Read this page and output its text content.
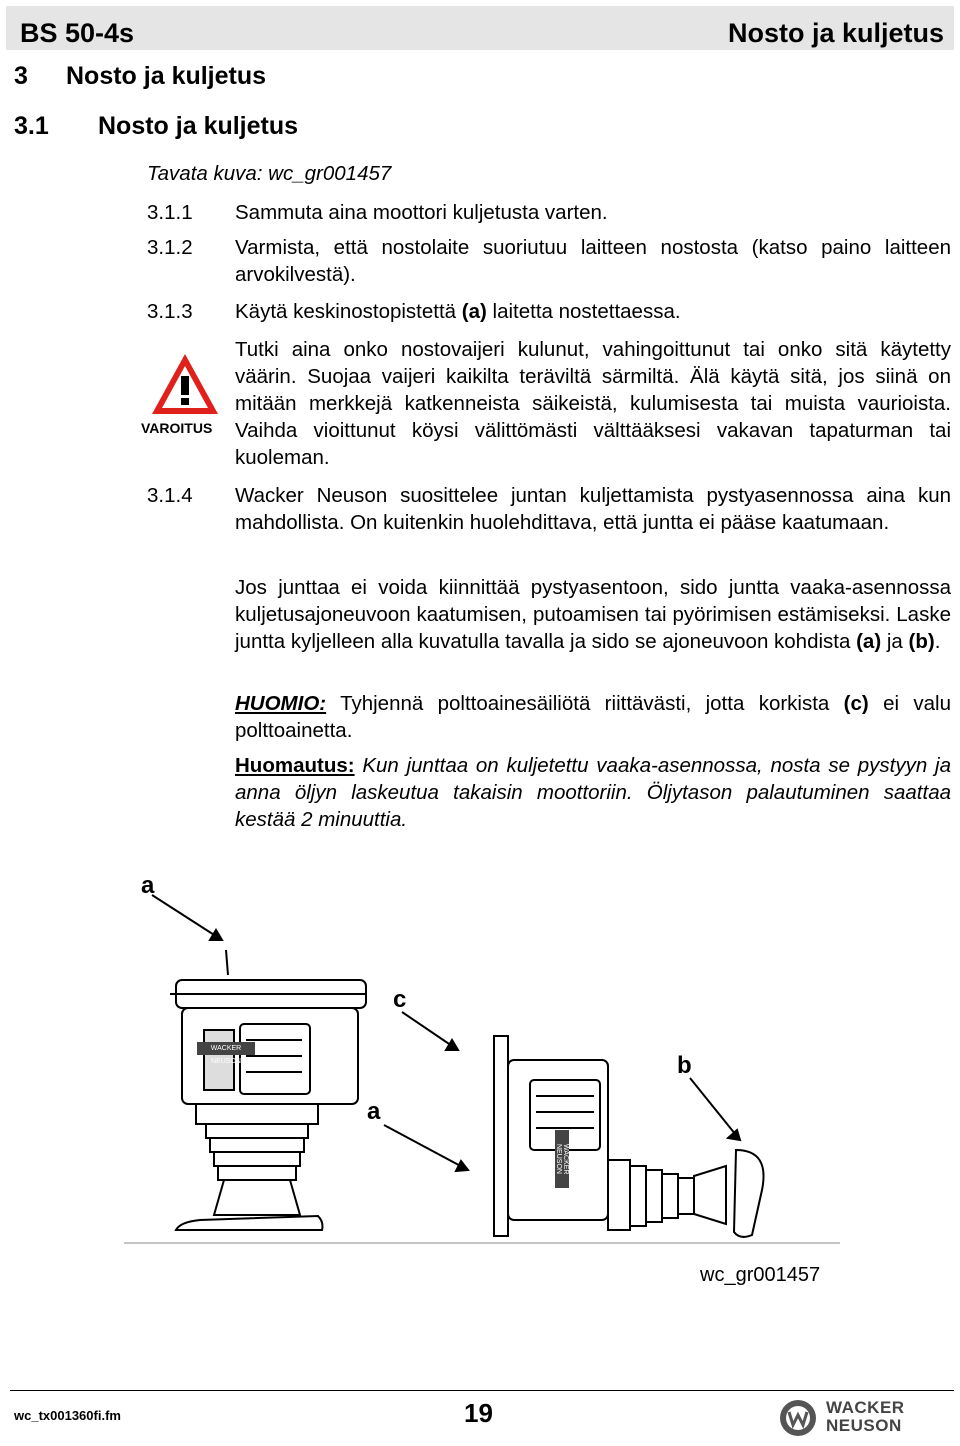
BS 50-4s	Nosto ja kuljetus
3 Nosto ja kuljetus
3.1 Nosto ja kuljetus
Tavata kuva: wc_gr001457
3.1.1 Sammuta aina moottori kuljetusta varten.
3.1.2 Varmista, että nostolaite suoriutuu laitteen nostosta (katso paino laitteen arvokilvestä).
3.1.3 Käytä keskinostopistettä (a) laitetta nostettaessa.
VAROITUS
Tutki aina onko nostovaijeri kulunut, vahingoittunut tai onko sitä käytetty väärin. Suojaa vaijeri kaikilta teräviltä särmiltä. Älä käytä sitä, jos siinä on mitään merkkejä katkenneista säikeistä, kulumisesta tai muista vaurioista. Vaihda vioittunut köysi välittömästi välttääksesi vakavan tapaturman tai kuoleman.
3.1.4 Wacker Neuson suosittelee juntan kuljettamista pystyasennossa aina kun mahdollista. On kuitenkin huolehdittava, että juntta ei pääse kaatumaan.
Jos junttaa ei voida kiinnittää pystyasentoon, sido juntta vaaka-asennossa kuljetusajoneuvoon kaatumisen, putoamisen tai pyörimisen estämiseksi. Laske juntta kyljelleen alla kuvatulla tavalla ja sido se ajoneuvoon kohdista (a) ja (b).
HUOMIO: Tyhjennä polttoainesäiliötä riittävästi, jotta korkista (c) ei valu polttoainetta.
Huomautus: Kun junttaa on kuljetettu vaaka-asennossa, nosta se pystyyn ja anna öljyn laskeutua takaisin moottoriin. Öljytason palautuminen saattaa kestää 2 minuuttia.
a
c
b
a
WACKER NEUSON
WACKER NEUSON
wc_gr001457
wc_tx001360fi.fm	19	WACKER
NEUSON
